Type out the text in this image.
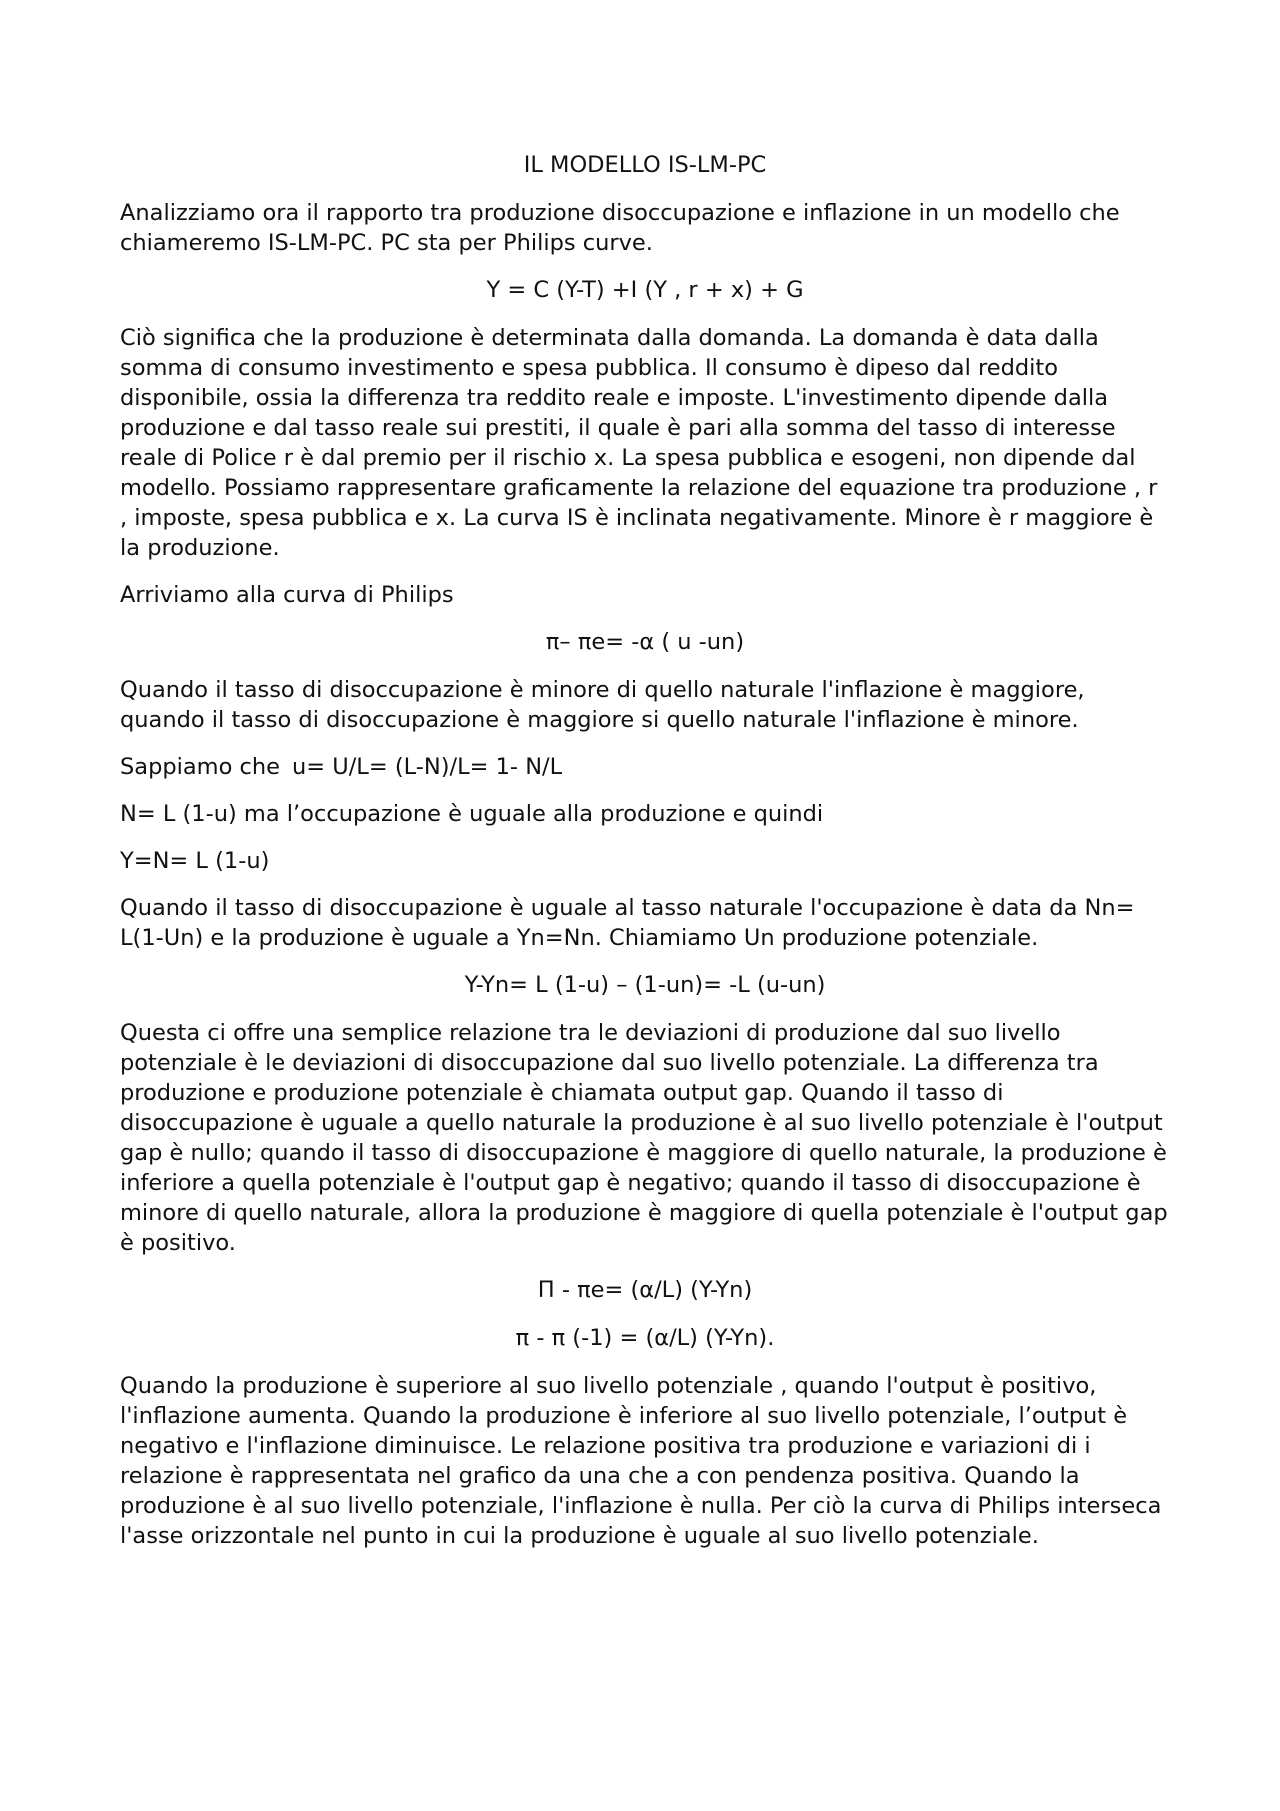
IL MODELLO IS-LM-PC

Analizziamo ora il rapporto tra produzione disoccupazione e inflazione in un modello che chiameremo IS-LM-PC. PC sta per Philips curve.

Y = C (Y-T) +I (Y , r + x) + G

Ciò significa che la produzione è determinata dalla domanda. La domanda è data dalla somma di consumo investimento e spesa pubblica. Il consumo è dipeso dal reddito disponibile, ossia la differenza tra reddito reale e imposte. L'investimento dipende dalla produzione e dal tasso reale sui prestiti, il quale è pari alla somma del tasso di interesse reale di Police r è dal premio per il rischio x. La spesa pubblica e esogeni, non dipende dal modello. Possiamo rappresentare graficamente la relazione del equazione tra produzione , r , imposte, spesa pubblica e x. La curva IS è inclinata negativamente. Minore è r maggiore è la produzione.

Arriviamo alla curva di Philips

π– πe= -α ( u -un)

Quando il tasso di disoccupazione è minore di quello naturale l'inflazione è maggiore, quando il tasso di disoccupazione è maggiore si quello naturale l'inflazione è minore.

Sappiamo che u= U/L= (L-N)/L= 1- N/L

N= L (1-u) ma l’occupazione è uguale alla produzione e quindi

Y=N= L (1-u)

Quando il tasso di disoccupazione è uguale al tasso naturale l'occupazione è data da Nn= L(1-Un) e la produzione è uguale a Yn=Nn. Chiamiamo Un produzione potenziale.

Y-Yn= L (1-u) – (1-un)= -L (u-un)

Questa ci offre una semplice relazione tra le deviazioni di produzione dal suo livello potenziale è le deviazioni di disoccupazione dal suo livello potenziale. La differenza tra produzione e produzione potenziale è chiamata output gap. Quando il tasso di disoccupazione è uguale a quello naturale la produzione è al suo livello potenziale è l'output gap è nullo; quando il tasso di disoccupazione è maggiore di quello naturale, la produzione è inferiore a quella potenziale è l'output gap è negativo; quando il tasso di disoccupazione è minore di quello naturale, allora la produzione è maggiore di quella potenziale è l'output gap è positivo.

Π - πe= (α/L) (Y-Yn)

π - π (-1) = (α/L) (Y-Yn).

Quando la produzione è superiore al suo livello potenziale , quando l'output è positivo, l'inflazione aumenta. Quando la produzione è inferiore al suo livello potenziale, l’output è negativo e l'inflazione diminuisce. Le relazione positiva tra produzione e variazioni di i relazione è rappresentata nel grafico da una che a con pendenza positiva. Quando la produzione è al suo livello potenziale, l'inflazione è nulla. Per ciò la curva di Philips interseca l'asse orizzontale nel punto in cui la produzione è uguale al suo livello potenziale.
